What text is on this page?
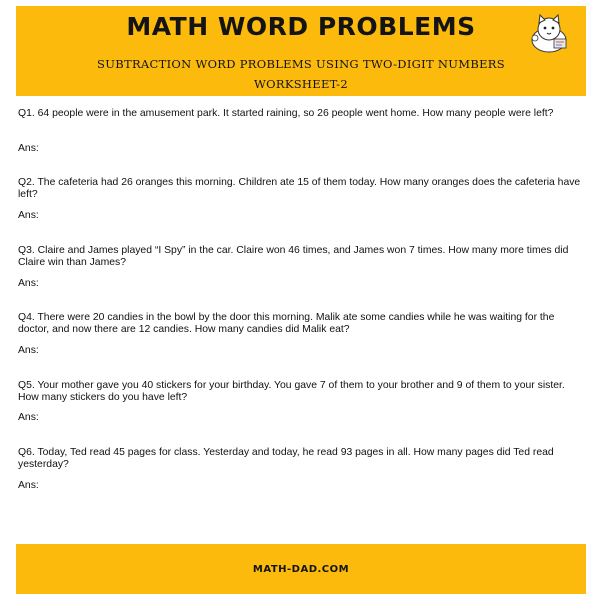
MATH WORD PROBLEMS
SUBTRACTION WORD PROBLEMS USING TWO-DIGIT NUMBERS
WORKSHEET-2
Q1. 64 people were in the amusement park. It started raining, so 26 people went home. How many people were left?
Ans:
Q2. The cafeteria had 26 oranges this morning. Children ate 15 of them today. How many oranges does the cafeteria have left?
Ans:
Q3. Claire and James played “I Spy” in the car. Claire won 46 times, and James won 7 times. How many more times did Claire win than James?
Ans:
Q4. There were 20 candies in the bowl by the door this morning. Malik ate some candies while he was waiting for the doctor, and now there are 12 candies. How many candies did Malik eat?
Ans:
Q5. Your mother gave you 40 stickers for your birthday. You gave 7 of them to your brother and 9 of them to your sister. How many stickers do you have left?
Ans:
Q6. Today, Ted read 45 pages for class. Yesterday and today, he read 93 pages in all. How many pages did Ted read yesterday?
Ans:
MATH-DAD.COM
